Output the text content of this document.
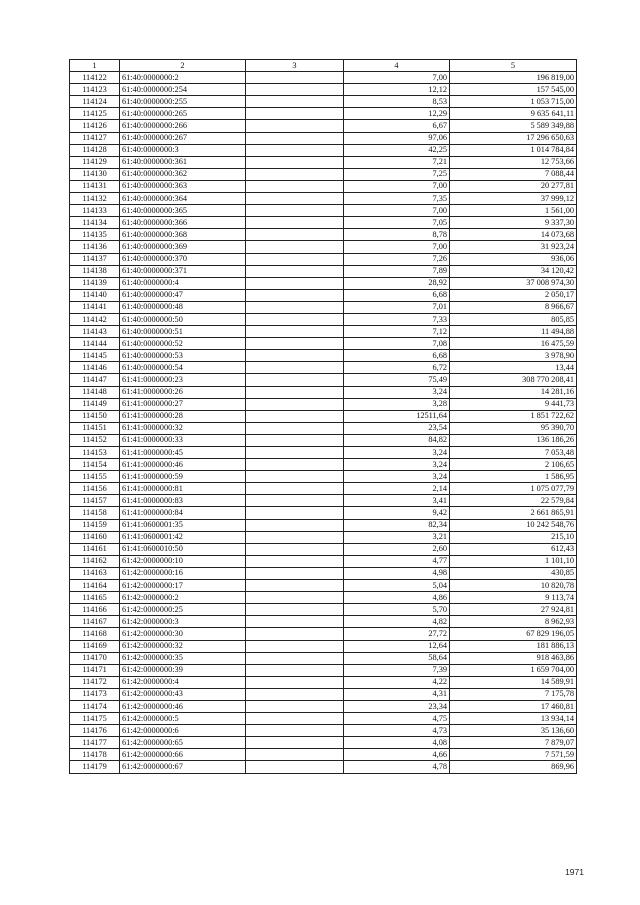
1	2	3	4	5
114122	61:40:0000000:2		7,00	196 819,00
114123	61:40:0000000:254		12,12	157 545,00
114124	61:40:0000000:255		8,53	1 053 715,00
114125	61:40:0000000:265		12,29	9 635 641,11
114126	61:40:0000000:266		6,67	5 589 349,88
114127	61:40:0000000:267		97,06	17 296 650,63
114128	61:40:0000000:3		42,25	1 014 784,84
114129	61:40:0000000:361		7,21	12 753,66
114130	61:40:0000000:362		7,25	7 088,44
114131	61:40:0000000:363		7,00	20 277,81
114132	61:40:0000000:364		7,35	37 999,12
114133	61:40:0000000:365		7,00	1 561,00
114134	61:40:0000000:366		7,05	9 337,30
114135	61:40:0000000:368		8,78	14 073,68
114136	61:40:0000000:369		7,00	31 923,24
114137	61:40:0000000:370		7,26	936,06
114138	61:40:0000000:371		7,89	34 120,42
114139	61:40:0000000:4		28,92	37 008 974,30
114140	61:40:0000000:47		6,68	2 050,17
114141	61:40:0000000:48		7,01	8 966,67
114142	61:40:0000000:50		7,33	805,85
114143	61:40:0000000:51		7,12	11 494,88
114144	61:40:0000000:52		7,08	16 475,59
114145	61:40:0000000:53		6,68	3 978,90
114146	61:40:0000000:54		6,72	13,44
114147	61:41:0000000:23		75,49	308 770 208,41
114148	61:41:0000000:26		3,24	14 281,16
114149	61:41:0000000:27		3,28	9 441,73
114150	61:41:0000000:28		12511,64	1 851 722,62
114151	61:41:0000000:32		23,54	95 390,70
114152	61:41:0000000:33		84,82	136 186,26
114153	61:41:0000000:45		3,24	7 053,48
114154	61:41:0000000:46		3,24	2 106,65
114155	61:41:0000000:59		3,24	1 586,95
114156	61:41:0000000:81		2,14	1 075 077,79
114157	61:41:0000000:83		3,41	22 579,84
114158	61:41:0000000:84		9,42	2 661 865,91
114159	61:41:0600001:35		82,34	10 242 548,76
114160	61:41:0600001:42		3,21	215,10
114161	61:41:0600010:50		2,60	612,43
114162	61:42:0000000:10		4,77	1 101,10
114163	61:42:0000000:16		4,98	430,85
114164	61:42:0000000:17		5,04	10 820,78
114165	61:42:0000000:2		4,86	9 113,74
114166	61:42:0000000:25		5,70	27 924,81
114167	61:42:0000000:3		4,82	8 962,93
114168	61:42:0000000:30		27,72	67 829 196,05
114169	61:42:0000000:32		12,64	181 886,13
114170	61:42:0000000:35		58,64	918 463,86
114171	61:42:0000000:39		7,39	1 659 704,00
114172	61:42:0000000:4		4,22	14 589,91
114173	61:42:0000000:43		4,31	7 175,78
114174	61:42:0000000:46		23,34	17 460,81
114175	61:42:0000000:5		4,75	13 934,14
114176	61:42:0000000:6		4,73	35 136,60
114177	61:42:0000000:65		4,08	7 879,07
114178	61:42:0000000:66		4,66	7 571,59
114179	61:42:0000000:67		4,78	869,96
1971
